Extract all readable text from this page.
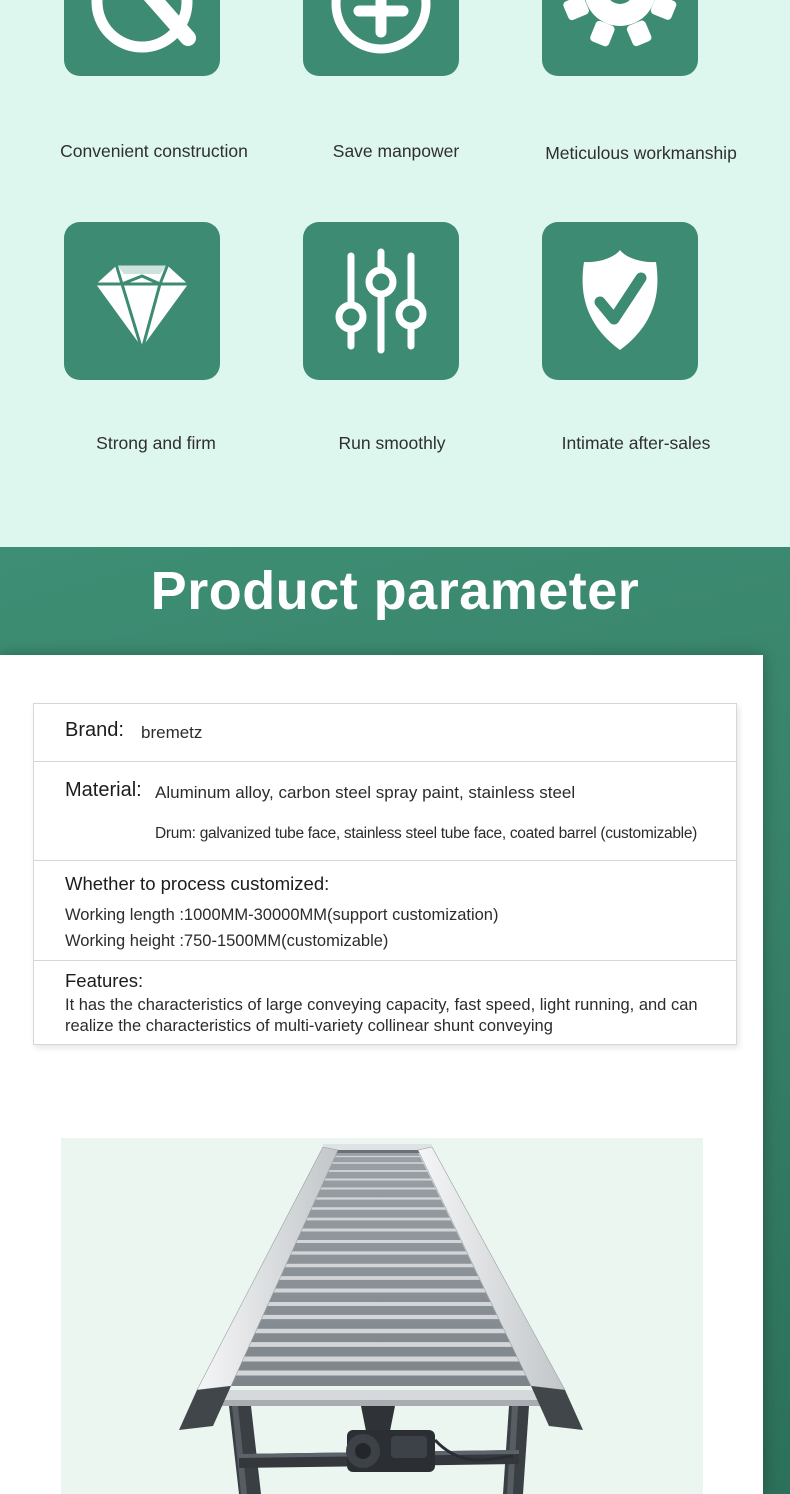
Convenient construction	Save manpower	Meticulous workmanship
Strong and firm	Run smoothly	Intimate after-sales
Product parameter
Brand: bremetz
Material: Aluminum alloy, carbon steel spray paint, stainless steel
Drum: galvanized tube face, stainless steel tube face, coated barrel (customizable)
Whether to process customized:
Working length :1000MM-30000MM(support customization)
Working height :750-1500MM(customizable)
Features:
It has the characteristics of large conveying capacity, fast speed, light running, and can realize the characteristics of multi-variety collinear shunt conveying
